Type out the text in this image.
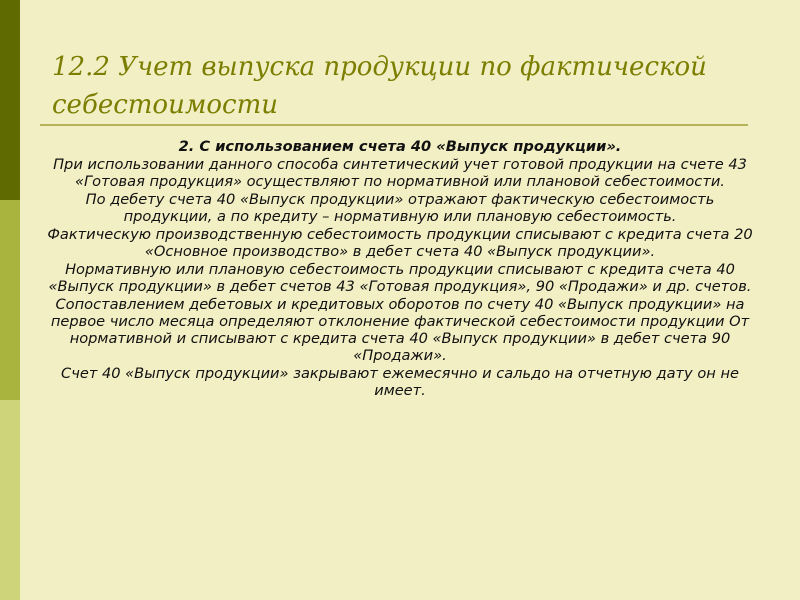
12.2 Учет выпуска продукции по фактической
себестоимости

2. С использованием счета 40 «Выпуск продукции».

При использовании данного способа синтетический учет готовой продукции на счете 43 «Готовая продукция» осуществляют по нормативной или плановой себестоимости.

По дебету счета 40 «Выпуск продукции» отражают фактическую себестоимость продукции, а по кредиту – нормативную или плановую себестоимость.

Фактическую производственную себестоимость продукции списывают с кредита счета 20 «Основное производство» в дебет счета 40 «Выпуск продукции».

Нормативную или плановую себестоимость продукции списывают с кредита счета 40 «Выпуск продукции» в дебет счетов 43 «Готовая продукция», 90 «Продажи» и др. счетов.

Сопоставлением дебетовых и кредитовых оборотов по счету 40 «Выпуск продукции» на первое число месяца определяют отклонение фактической себестоимости продукции От нормативной и списывают с кредита счета 40 «Выпуск продукции» в дебет счета 90 «Продажи».

Счет 40 «Выпуск продукции» закрывают ежемесячно и сальдо на отчетную дату он не имеет.
